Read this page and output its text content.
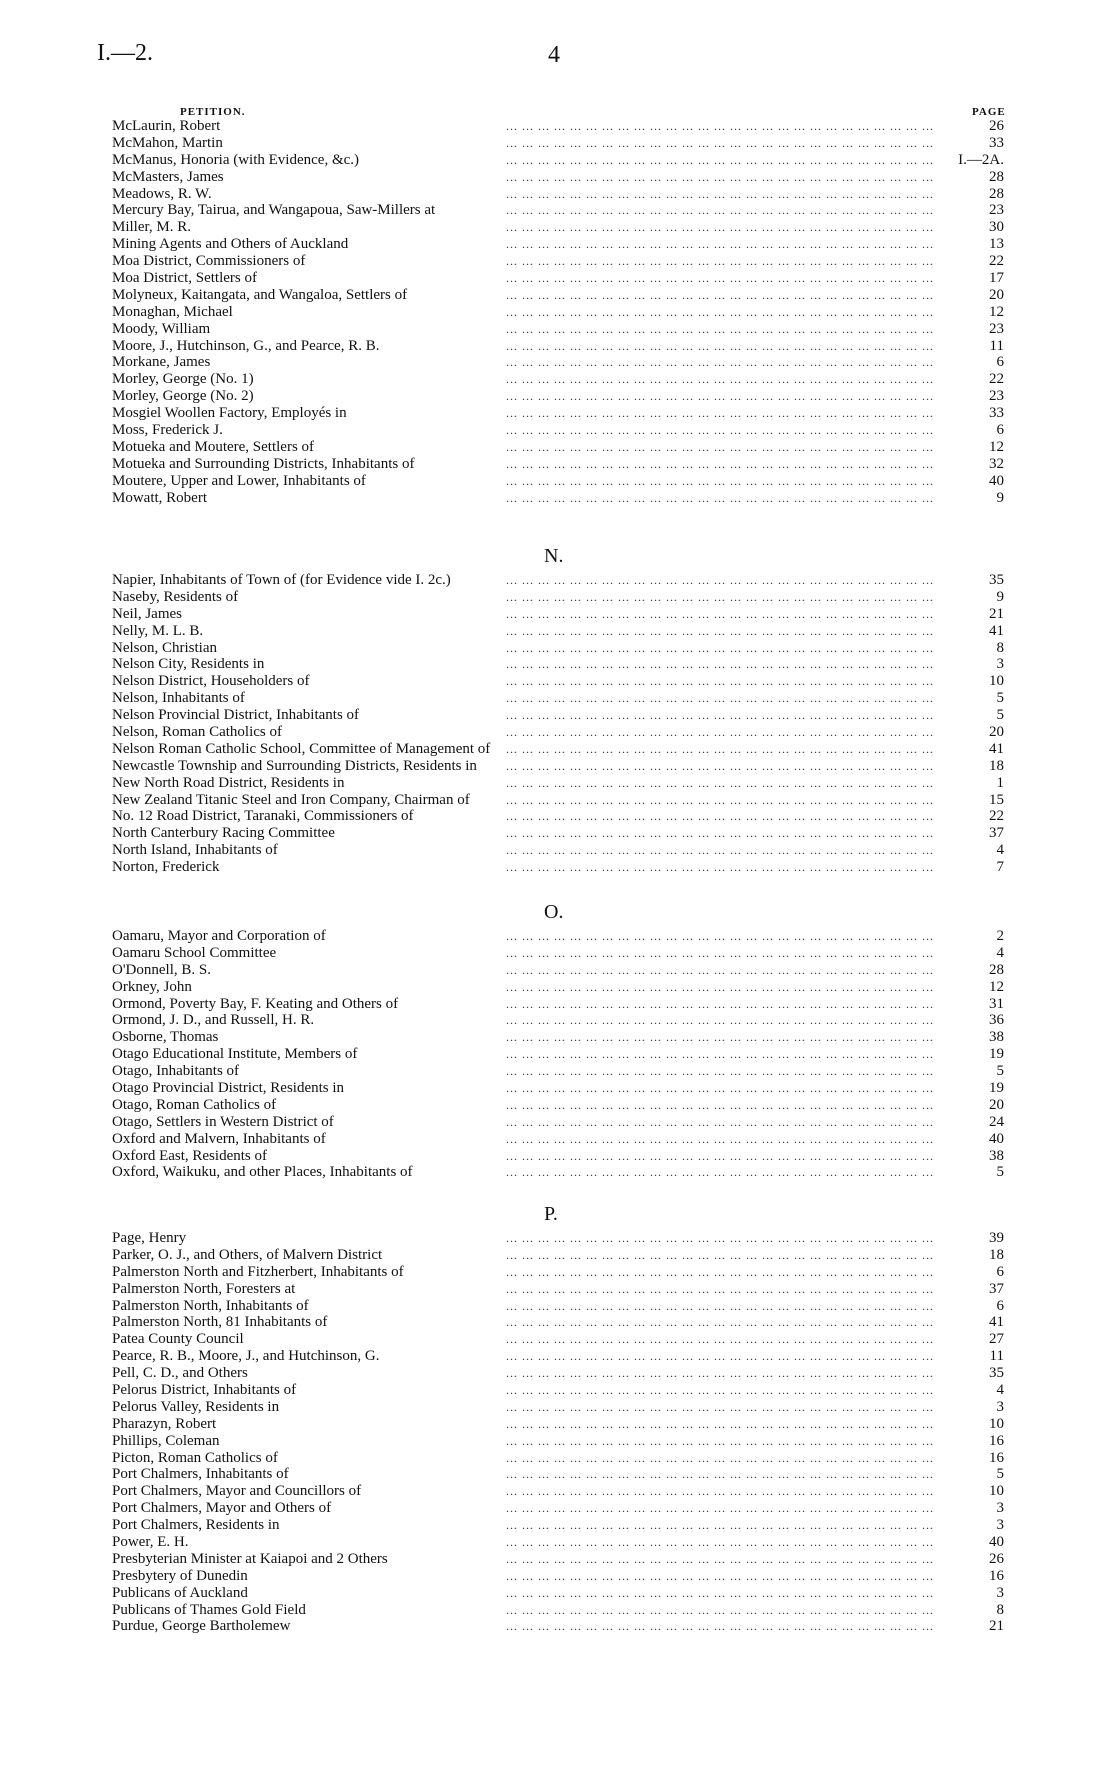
I.—2.	4
PETITION.	PAGE
... ... ... ... ... ... ... ... ... ... ... ... ... ... ... ... ... ... ... ... ... ... ... ... ... ... ...
McLaurin, Robert	26
... ... ... ... ... ... ... ... ... ... ... ... ... ... ... ... ... ... ... ... ... ... ... ... ... ... ...
McMahon, Martin	33
... ... ... ... ... ... ... ... ... ... ... ... ... ... ... ... ... ... ... ... ... ... ... ... ... ... ...
McManus, Honoria (with Evidence, &c.)	I.—2A.
... ... ... ... ... ... ... ... ... ... ... ... ... ... ... ... ... ... ... ... ... ... ... ... ... ... ...
McMasters, James	28
... ... ... ... ... ... ... ... ... ... ... ... ... ... ... ... ... ... ... ... ... ... ... ... ... ... ...
Meadows, R. W.	28
... ... ... ... ... ... ... ... ... ... ... ... ... ... ... ... ... ... ... ... ... ... ... ... ... ... ...
Mercury Bay, Tairua, and Wangapoua, Saw-Millers at	23
... ... ... ... ... ... ... ... ... ... ... ... ... ... ... ... ... ... ... ... ... ... ... ... ... ... ...
Miller, M. R.	30
... ... ... ... ... ... ... ... ... ... ... ... ... ... ... ... ... ... ... ... ... ... ... ... ... ... ...
Mining Agents and Others of Auckland	13
... ... ... ... ... ... ... ... ... ... ... ... ... ... ... ... ... ... ... ... ... ... ... ... ... ... ...
Moa District, Commissioners of	22
... ... ... ... ... ... ... ... ... ... ... ... ... ... ... ... ... ... ... ... ... ... ... ... ... ... ...
Moa District, Settlers of	17
... ... ... ... ... ... ... ... ... ... ... ... ... ... ... ... ... ... ... ... ... ... ... ... ... ... ...
Molyneux, Kaitangata, and Wangaloa, Settlers of	20
... ... ... ... ... ... ... ... ... ... ... ... ... ... ... ... ... ... ... ... ... ... ... ... ... ... ...
Monaghan, Michael	12
... ... ... ... ... ... ... ... ... ... ... ... ... ... ... ... ... ... ... ... ... ... ... ... ... ... ...
Moody, William	23
... ... ... ... ... ... ... ... ... ... ... ... ... ... ... ... ... ... ... ... ... ... ... ... ... ... ...
Moore, J., Hutchinson, G., and Pearce, R. B.	11
... ... ... ... ... ... ... ... ... ... ... ... ... ... ... ... ... ... ... ... ... ... ... ... ... ... ...
Morkane, James	6
... ... ... ... ... ... ... ... ... ... ... ... ... ... ... ... ... ... ... ... ... ... ... ... ... ... ...
Morley, George (No. 1)	22
... ... ... ... ... ... ... ... ... ... ... ... ... ... ... ... ... ... ... ... ... ... ... ... ... ... ...
Morley, George (No. 2)	23
... ... ... ... ... ... ... ... ... ... ... ... ... ... ... ... ... ... ... ... ... ... ... ... ... ... ...
Mosgiel Woollen Factory, Employés in	33
... ... ... ... ... ... ... ... ... ... ... ... ... ... ... ... ... ... ... ... ... ... ... ... ... ... ...
Moss, Frederick J.	6
... ... ... ... ... ... ... ... ... ... ... ... ... ... ... ... ... ... ... ... ... ... ... ... ... ... ...
Motueka and Moutere, Settlers of	12
... ... ... ... ... ... ... ... ... ... ... ... ... ... ... ... ... ... ... ... ... ... ... ... ... ... ...
Motueka and Surrounding Districts, Inhabitants of	32
... ... ... ... ... ... ... ... ... ... ... ... ... ... ... ... ... ... ... ... ... ... ... ... ... ... ...
Moutere, Upper and Lower, Inhabitants of	40
... ... ... ... ... ... ... ... ... ... ... ... ... ... ... ... ... ... ... ... ... ... ... ... ... ... ...
Mowatt, Robert	9
N.
... ... ... ... ... ... ... ... ... ... ... ... ... ... ... ... ... ... ... ... ... ... ... ... ... ... ...
Napier, Inhabitants of Town of (for Evidence vide I. 2c.)	35
... ... ... ... ... ... ... ... ... ... ... ... ... ... ... ... ... ... ... ... ... ... ... ... ... ... ...
Naseby, Residents of	9
... ... ... ... ... ... ... ... ... ... ... ... ... ... ... ... ... ... ... ... ... ... ... ... ... ... ...
Neil, James	21
... ... ... ... ... ... ... ... ... ... ... ... ... ... ... ... ... ... ... ... ... ... ... ... ... ... ...
Nelly, M. L. B.	41
... ... ... ... ... ... ... ... ... ... ... ... ... ... ... ... ... ... ... ... ... ... ... ... ... ... ...
Nelson, Christian	8
... ... ... ... ... ... ... ... ... ... ... ... ... ... ... ... ... ... ... ... ... ... ... ... ... ... ...
Nelson City, Residents in	3
... ... ... ... ... ... ... ... ... ... ... ... ... ... ... ... ... ... ... ... ... ... ... ... ... ... ...
Nelson District, Householders of	10
... ... ... ... ... ... ... ... ... ... ... ... ... ... ... ... ... ... ... ... ... ... ... ... ... ... ...
Nelson, Inhabitants of	5
... ... ... ... ... ... ... ... ... ... ... ... ... ... ... ... ... ... ... ... ... ... ... ... ... ... ...
Nelson Provincial District, Inhabitants of	5
... ... ... ... ... ... ... ... ... ... ... ... ... ... ... ... ... ... ... ... ... ... ... ... ... ... ...
Nelson, Roman Catholics of	20
... ... ... ... ... ... ... ... ... ... ... ... ... ... ... ... ... ... ... ... ... ... ... ... ... ... ...
Nelson Roman Catholic School, Committee of Management of	41
... ... ... ... ... ... ... ... ... ... ... ... ... ... ... ... ... ... ... ... ... ... ... ... ... ... ...
Newcastle Township and Surrounding Districts, Residents in	18
... ... ... ... ... ... ... ... ... ... ... ... ... ... ... ... ... ... ... ... ... ... ... ... ... ... ...
New North Road District, Residents in	1
... ... ... ... ... ... ... ... ... ... ... ... ... ... ... ... ... ... ... ... ... ... ... ... ... ... ...
New Zealand Titanic Steel and Iron Company, Chairman of	15
... ... ... ... ... ... ... ... ... ... ... ... ... ... ... ... ... ... ... ... ... ... ... ... ... ... ...
No. 12 Road District, Taranaki, Commissioners of	22
... ... ... ... ... ... ... ... ... ... ... ... ... ... ... ... ... ... ... ... ... ... ... ... ... ... ...
North Canterbury Racing Committee	37
... ... ... ... ... ... ... ... ... ... ... ... ... ... ... ... ... ... ... ... ... ... ... ... ... ... ...
North Island, Inhabitants of	4
... ... ... ... ... ... ... ... ... ... ... ... ... ... ... ... ... ... ... ... ... ... ... ... ... ... ...
Norton, Frederick	7
O.
... ... ... ... ... ... ... ... ... ... ... ... ... ... ... ... ... ... ... ... ... ... ... ... ... ... ...
Oamaru, Mayor and Corporation of	2
... ... ... ... ... ... ... ... ... ... ... ... ... ... ... ... ... ... ... ... ... ... ... ... ... ... ...
Oamaru School Committee	4
... ... ... ... ... ... ... ... ... ... ... ... ... ... ... ... ... ... ... ... ... ... ... ... ... ... ...
O'Donnell, B. S.	28
... ... ... ... ... ... ... ... ... ... ... ... ... ... ... ... ... ... ... ... ... ... ... ... ... ... ...
Orkney, John	12
... ... ... ... ... ... ... ... ... ... ... ... ... ... ... ... ... ... ... ... ... ... ... ... ... ... ...
Ormond, Poverty Bay, F. Keating and Others of	31
... ... ... ... ... ... ... ... ... ... ... ... ... ... ... ... ... ... ... ... ... ... ... ... ... ... ...
Ormond, J. D., and Russell, H. R.	36
... ... ... ... ... ... ... ... ... ... ... ... ... ... ... ... ... ... ... ... ... ... ... ... ... ... ...
Osborne, Thomas	38
... ... ... ... ... ... ... ... ... ... ... ... ... ... ... ... ... ... ... ... ... ... ... ... ... ... ...
Otago Educational Institute, Members of	19
... ... ... ... ... ... ... ... ... ... ... ... ... ... ... ... ... ... ... ... ... ... ... ... ... ... ...
Otago, Inhabitants of	5
... ... ... ... ... ... ... ... ... ... ... ... ... ... ... ... ... ... ... ... ... ... ... ... ... ... ...
Otago Provincial District, Residents in	19
... ... ... ... ... ... ... ... ... ... ... ... ... ... ... ... ... ... ... ... ... ... ... ... ... ... ...
Otago, Roman Catholics of	20
... ... ... ... ... ... ... ... ... ... ... ... ... ... ... ... ... ... ... ... ... ... ... ... ... ... ...
Otago, Settlers in Western District of	24
... ... ... ... ... ... ... ... ... ... ... ... ... ... ... ... ... ... ... ... ... ... ... ... ... ... ...
Oxford and Malvern, Inhabitants of	40
... ... ... ... ... ... ... ... ... ... ... ... ... ... ... ... ... ... ... ... ... ... ... ... ... ... ...
Oxford East, Residents of	38
... ... ... ... ... ... ... ... ... ... ... ... ... ... ... ... ... ... ... ... ... ... ... ... ... ... ...
Oxford, Waikuku, and other Places, Inhabitants of	5
P.
... ... ... ... ... ... ... ... ... ... ... ... ... ... ... ... ... ... ... ... ... ... ... ... ... ... ...
Page, Henry	39
... ... ... ... ... ... ... ... ... ... ... ... ... ... ... ... ... ... ... ... ... ... ... ... ... ... ...
Parker, O. J., and Others, of Malvern District	18
... ... ... ... ... ... ... ... ... ... ... ... ... ... ... ... ... ... ... ... ... ... ... ... ... ... ...
Palmerston North and Fitzherbert, Inhabitants of	6
... ... ... ... ... ... ... ... ... ... ... ... ... ... ... ... ... ... ... ... ... ... ... ... ... ... ...
Palmerston North, Foresters at	37
... ... ... ... ... ... ... ... ... ... ... ... ... ... ... ... ... ... ... ... ... ... ... ... ... ... ...
Palmerston North, Inhabitants of	6
... ... ... ... ... ... ... ... ... ... ... ... ... ... ... ... ... ... ... ... ... ... ... ... ... ... ...
Palmerston North, 81 Inhabitants of	41
... ... ... ... ... ... ... ... ... ... ... ... ... ... ... ... ... ... ... ... ... ... ... ... ... ... ...
Patea County Council	27
... ... ... ... ... ... ... ... ... ... ... ... ... ... ... ... ... ... ... ... ... ... ... ... ... ... ...
Pearce, R. B., Moore, J., and Hutchinson, G.	11
... ... ... ... ... ... ... ... ... ... ... ... ... ... ... ... ... ... ... ... ... ... ... ... ... ... ...
Pell, C. D., and Others	35
... ... ... ... ... ... ... ... ... ... ... ... ... ... ... ... ... ... ... ... ... ... ... ... ... ... ...
Pelorus District, Inhabitants of	4
... ... ... ... ... ... ... ... ... ... ... ... ... ... ... ... ... ... ... ... ... ... ... ... ... ... ...
Pelorus Valley, Residents in	3
... ... ... ... ... ... ... ... ... ... ... ... ... ... ... ... ... ... ... ... ... ... ... ... ... ... ...
Pharazyn, Robert	10
... ... ... ... ... ... ... ... ... ... ... ... ... ... ... ... ... ... ... ... ... ... ... ... ... ... ...
Phillips, Coleman	16
... ... ... ... ... ... ... ... ... ... ... ... ... ... ... ... ... ... ... ... ... ... ... ... ... ... ...
Picton, Roman Catholics of	16
... ... ... ... ... ... ... ... ... ... ... ... ... ... ... ... ... ... ... ... ... ... ... ... ... ... ...
Port Chalmers, Inhabitants of	5
... ... ... ... ... ... ... ... ... ... ... ... ... ... ... ... ... ... ... ... ... ... ... ... ... ... ...
Port Chalmers, Mayor and Councillors of	10
... ... ... ... ... ... ... ... ... ... ... ... ... ... ... ... ... ... ... ... ... ... ... ... ... ... ...
Port Chalmers, Mayor and Others of	3
... ... ... ... ... ... ... ... ... ... ... ... ... ... ... ... ... ... ... ... ... ... ... ... ... ... ...
Port Chalmers, Residents in	3
... ... ... ... ... ... ... ... ... ... ... ... ... ... ... ... ... ... ... ... ... ... ... ... ... ... ...
Power, E. H.	40
... ... ... ... ... ... ... ... ... ... ... ... ... ... ... ... ... ... ... ... ... ... ... ... ... ... ...
Presbyterian Minister at Kaiapoi and 2 Others	26
... ... ... ... ... ... ... ... ... ... ... ... ... ... ... ... ... ... ... ... ... ... ... ... ... ... ...
Presbytery of Dunedin	16
... ... ... ... ... ... ... ... ... ... ... ... ... ... ... ... ... ... ... ... ... ... ... ... ... ... ...
Publicans of Auckland	3
... ... ... ... ... ... ... ... ... ... ... ... ... ... ... ... ... ... ... ... ... ... ... ... ... ... ...
Publicans of Thames Gold Field	8
... ... ... ... ... ... ... ... ... ... ... ... ... ... ... ... ... ... ... ... ... ... ... ... ... ... ...
Purdue, George Bartholemew	21
